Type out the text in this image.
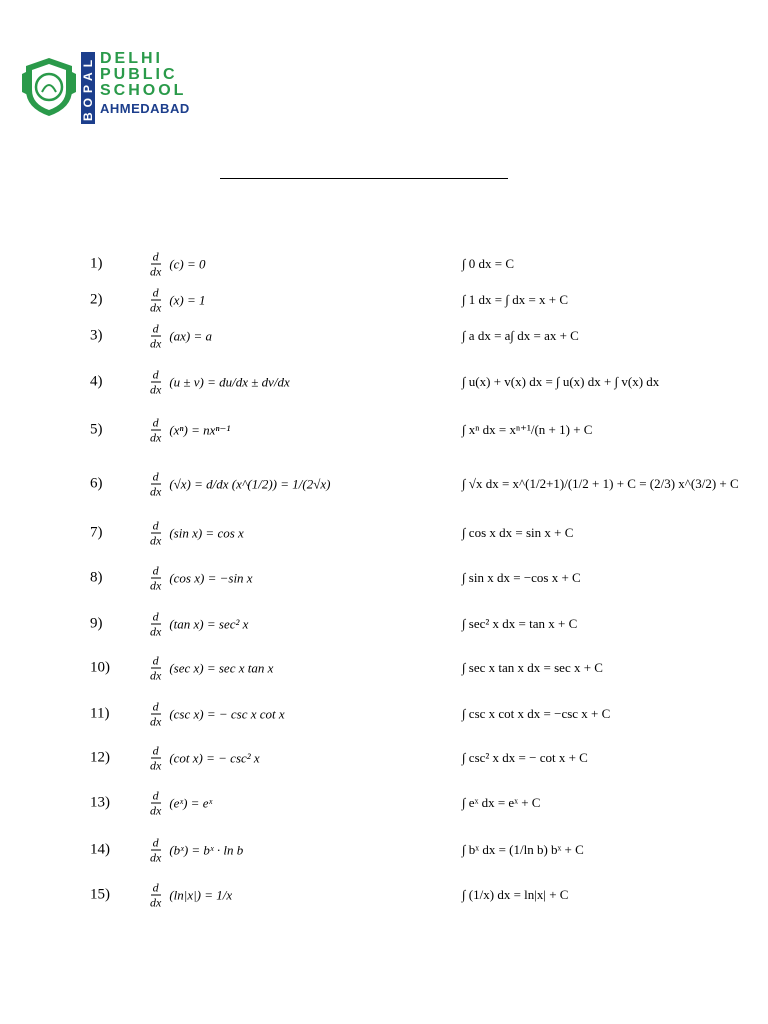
BOPAL DELHI
PUBLIC
SCHOOL
AHMEDABAD
1)	$\frac{d}{dx} (c) = 0$	∫ 0 dx = C
2)	$\frac{d}{dx} (x) = 1$	∫ 1 dx = ∫ dx = x + C
3)	$\frac{d}{dx} (ax) = a$	∫ a dx = a∫ dx = ax + C
4)	$\frac{d}{dx} (u \pm v) = du/dx \pm dv/dx$	∫ u(x) + v(x) dx = ∫ u(x) dx + ∫ v(x) dx
5)	$\frac{d}{dx} (x^n) = nx^{n-1}$	∫ xⁿ dx = xⁿ⁺¹/(n + 1) + C
6)	$\frac{d}{dx} (√x) = d/dx$ (x^(1/2)) = 1/(2√x)	∫ √x dx = x^(1/2+1)/(1/2 + 1) + C = (2/3) x^(3/2) + C
7)	$\frac{d}{dx} (\sin$ x) = cos x	∫ cos x dx = sin x + C
8)	$\frac{d}{dx} (\cos$ x) = −sin x	∫ sin x dx = −cos x + C
9)	$\frac{d}{dx} (\tan$ x) = sec² x	∫ sec² x dx = tan x + C
10)	$\frac{d}{dx} (\sec$ x) = sec x tan x	∫ sec x tan x dx = sec x + C
11)	$\frac{d}{dx} (\csc$ x) = − csc x cot x	∫ csc x cot x dx = −csc x + C
12)	$\frac{d}{dx} (\cot$ x) = − csc² x	∫ csc² x dx = − cot x + C
13)	$\frac{d}{dx}$ (eˣ) = eˣ	∫ eˣ dx = eˣ + C
14)	$\frac{d}{dx}$ (bˣ) = bˣ · ln b	∫ bˣ dx = (1/ln b) bˣ + C
15)	$\frac{d}{dx} (\ln|x|) = 1/x$	∫ (1/x) dx = ln|x| + C
